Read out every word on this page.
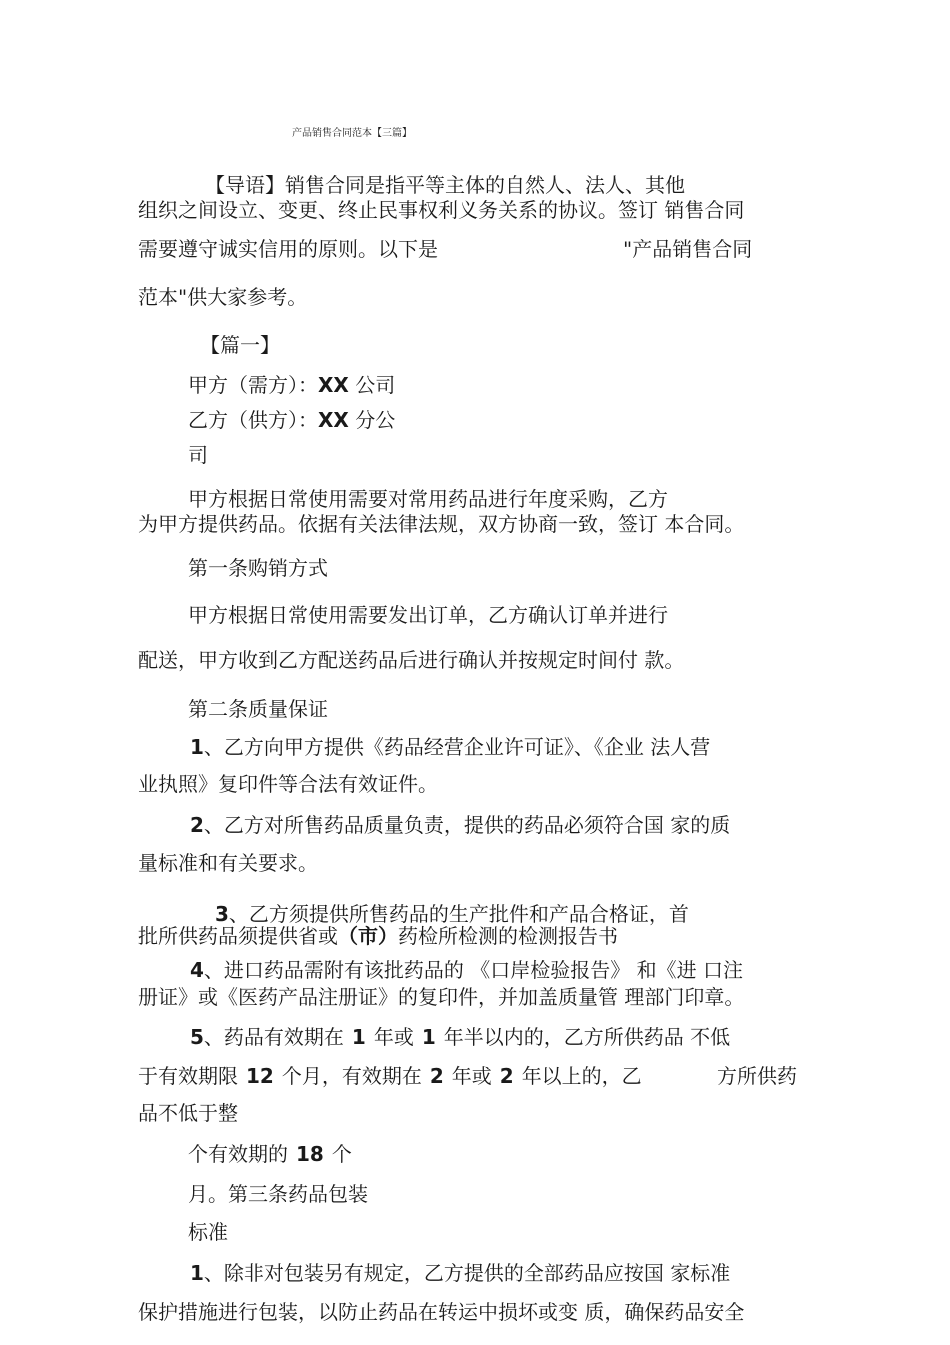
产品销售合同范本【三篇】
【导语】销售合同是指平等主体的自然人、法人、其他
组织之间设立、变更、终止民事权利义务关系的协议。签订 销售合同
需要遵守诚实信用的原则。以下是	"产品销售合同
范本"供大家参考。
【篇一】
甲方（需方）：XX 公司
乙方（供方）：XX 分公
司
甲方根据日常使用需要对常用药品进行年度采购，乙方
为甲方提供药品。依据有关法律法规，双方协商一致，签订 本合同。
第一条购销方式
甲方根据日常使用需要发出订单，乙方确认订单并进行
配送，甲方收到乙方配送药品后进行确认并按规定时间付 款。
第二条质量保证
1、乙方向甲方提供《药品经营企业许可证》、《企业 法人营
业执照》复印件等合法有效证件。
2、乙方对所售药品质量负责，提供的药品必须符合国 家的质
量标准和有关要求。
3、乙方须提供所售药品的生产批件和产品合格证，首
批所供药品须提供省或（市）药检所检测的检测报告书
4、进口药品需附有该批药品的 《口岸检验报告》 和《进 口注
册证》或《医药产品注册证》的复印件，并加盖质量管 理部门印章。
5、药品有效期在 1 年或 1 年半以内的，乙方所供药品 不低
于有效期限 12 个月，有效期在 2 年或 2 年以上的，乙	方所供药
品不低于整
个有效期的 18 个
月。第三条药品包装
标准
1、除非对包装另有规定，乙方提供的全部药品应按国 家标准
保护措施进行包装，以防止药品在转运中损坏或变 质，确保药品安全
